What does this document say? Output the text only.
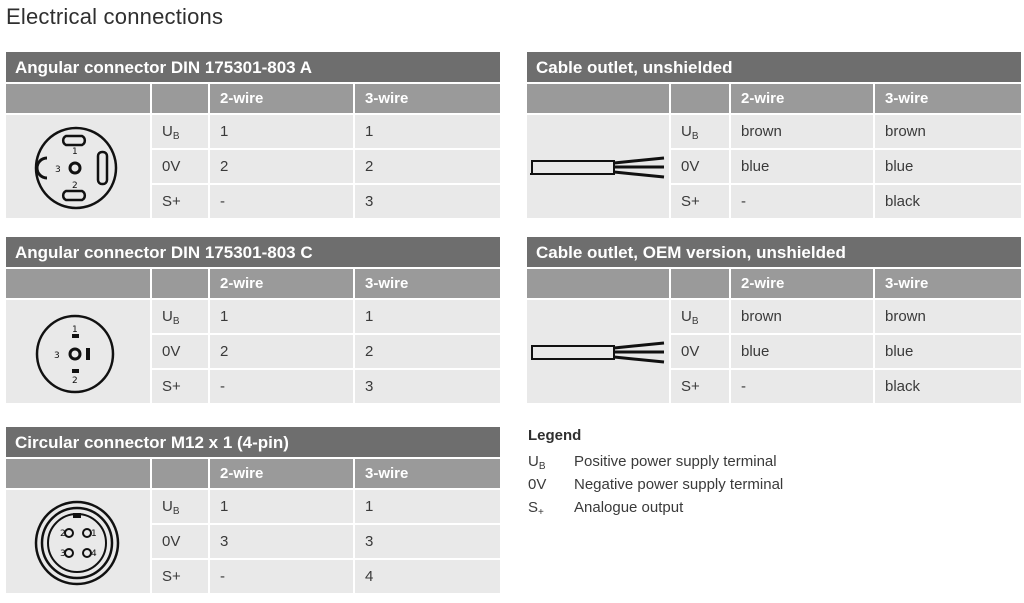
Electrical connections
Angular connector DIN 175301-803 A
2-wire	3-wire
1
2
3
$U_B$	1	1
0V	2	2
S+	-	3
Angular connector DIN 175301-803 C
2-wire	3-wire
1
3
2
$U_B$	1	1
0V	2	2
S+	-	3
Circular connector M12 x 1 (4-pin)
2-wire	3-wire
2	1
3	4
$U_B$	1	1
0V	3	3
S+	-	4
Cable outlet, unshielded
2-wire	3-wire
$U_B$	brown	brown
0V	blue	blue
S+	-	black
Cable outlet, OEM version, unshielded
2-wire	3-wire
$U_B$	brown	brown
0V	blue	blue
S+	-	black
Legend
$U_B$	Positive power supply terminal
0V	Negative power supply terminal
$S_+$	Analogue output
